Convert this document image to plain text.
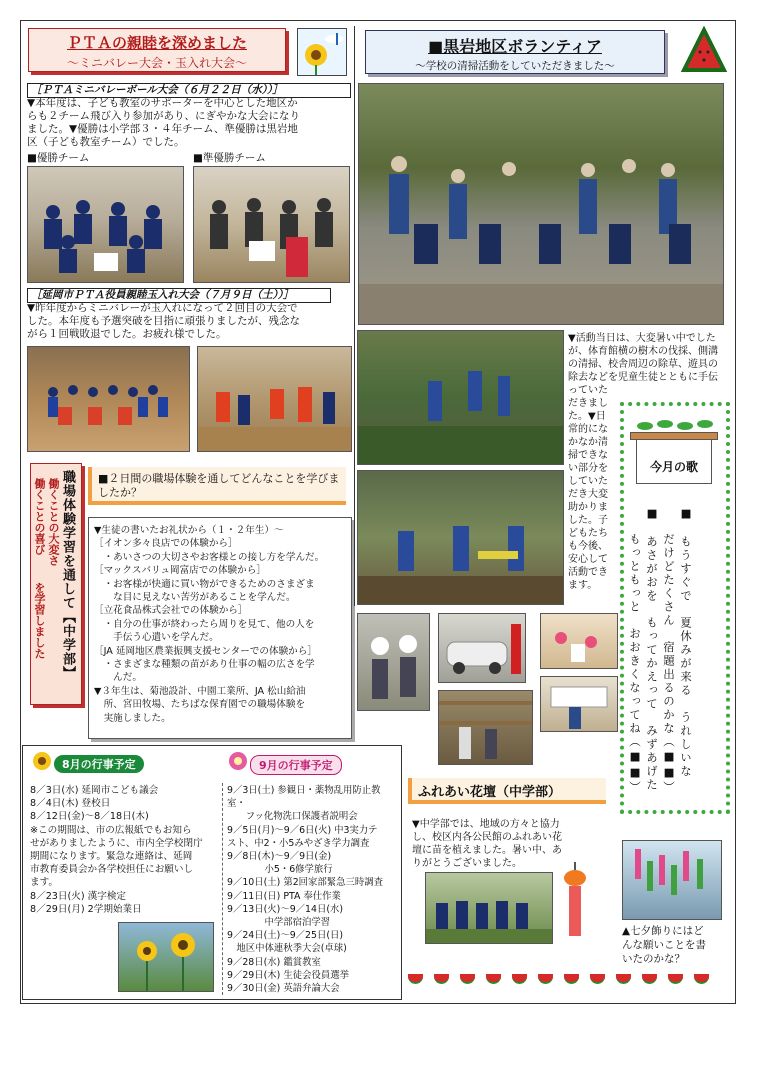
ＰＴＡの親睦を深めました
～ミニバレー大会・玉入れ大会～
［ＰＴＡミニバレーボール大会（６月２２日（水））］
▼本年度は、子ども教室のサポーターを中心とした地区か
らも２チーム飛び入り参加があり、にぎやかな大会になり
ました。▼優勝は小学部３・４年チーム、準優勝は黒岩地
区（子ども教室チーム）でした。
■優勝チーム	■準優勝チーム
［延岡市ＰＴＡ役員親睦玉入れ大会（７月９日（土））］
▼昨年度からミニバレーが玉入れになって２回目の大会で
した。本年度も予選突破を目指に頑張りましたが、残念な
がら１回戦敗退でした。お疲れ様でした。
職場体験学習を通して【中学部】
働くことの大変さ
働くことの喜び
を学習しました
■２日間の職場体験を通してどんなことを学びましたか？
▼生徒の書いたお礼状から（１・２年生）～
［イオン多々良店での体験から］
　・あいさつの大切さやお客様との接し方を学んだ。
［マックスバリュ岡富店での体験から］
　・お客様が快適に買い物ができるためのさまざま
　　な目に見えない苦労があることを学んだ。
［立花食品株式会社での体験から］
　・自分の仕事が終わったら周りを見て、他の人を
　　手伝う心遣いを学んだ。
［JA 延岡地区農業振興支援センターでの体験から］
　・さまざまな種類の苗があり仕事の幅の広さを学
　　んだ。
▼３年生は、菊池設計、中園工業所、JA 松山給油
　所、宮田牧場、たちばな保育園での職場体験を
　実施しました。
8月の行事予定	9月の行事予定
8／3日(水) 延岡市こども議会
8／4日(木) 登校日
8／12日(金)～8／18日(木)
※この期間は、市の広報紙でもお知ら
せがありましたように、市内全学校閉庁
期間になります。緊急な連絡は、延岡
市教育委員会か各学校担任にお願いし
ます。
8／23日(火) 漢字検定
8／29日(月) 2学期始業日
9／3日(土) 参観日・薬物乱用防止教室・
　　フッ化物洗口保護者説明会
9／5日(月)～9／6日(火) 中3実力テ
スト、中2・小5みやざき学力調査
9／8日(木)～9／9日(金)
　　　　小5・6修学旅行
9／10日(土) 第2回家部緊急三時調査
9／11日(日) PTA 奉仕作業
9／13日(火)～9／14日(水)
　　　　中学部宿泊学習
9／24日(土)～9／25日(日)
　地区中体連秋季大会(卓球)
9／28日(水) 鑑賞教室
9／29日(木) 生徒会役員選挙
9／30日(金) 英語弁論大会
■黒岩地区ボランティア
～学校の清掃活動をしていただきました～
▼活動当日は、大変暑い中でした
が、体育館横の樹木の伐採、側溝
の清掃、校舎周辺の除草、遊具の
除去などを児童生徒とともに手伝
っていた
だきまし
た。▼日
常的にな
かなか清
掃できな
い部分を
していた
だき大変
助かりま
した。子
どもたち
も今後、
安心して
活動でき
ます。
今月の歌
■　もうすぐで　夏休みが来る　うれしいな
　　だけどたくさん　宿題出るのかな（■■）
■　あさがおを　もってかえって　みずあげた
　　もっともっと　おおきくなってね（■■）
ふれあい花壇（中学部）
▼中学部では、地域の方々と協力
し、校区内各公民館のふれあい花
壇に苗を植えました。暑い中、あ
りがとうございました。
▲七夕飾りにはど
んな願いことを書
いたのかな？
